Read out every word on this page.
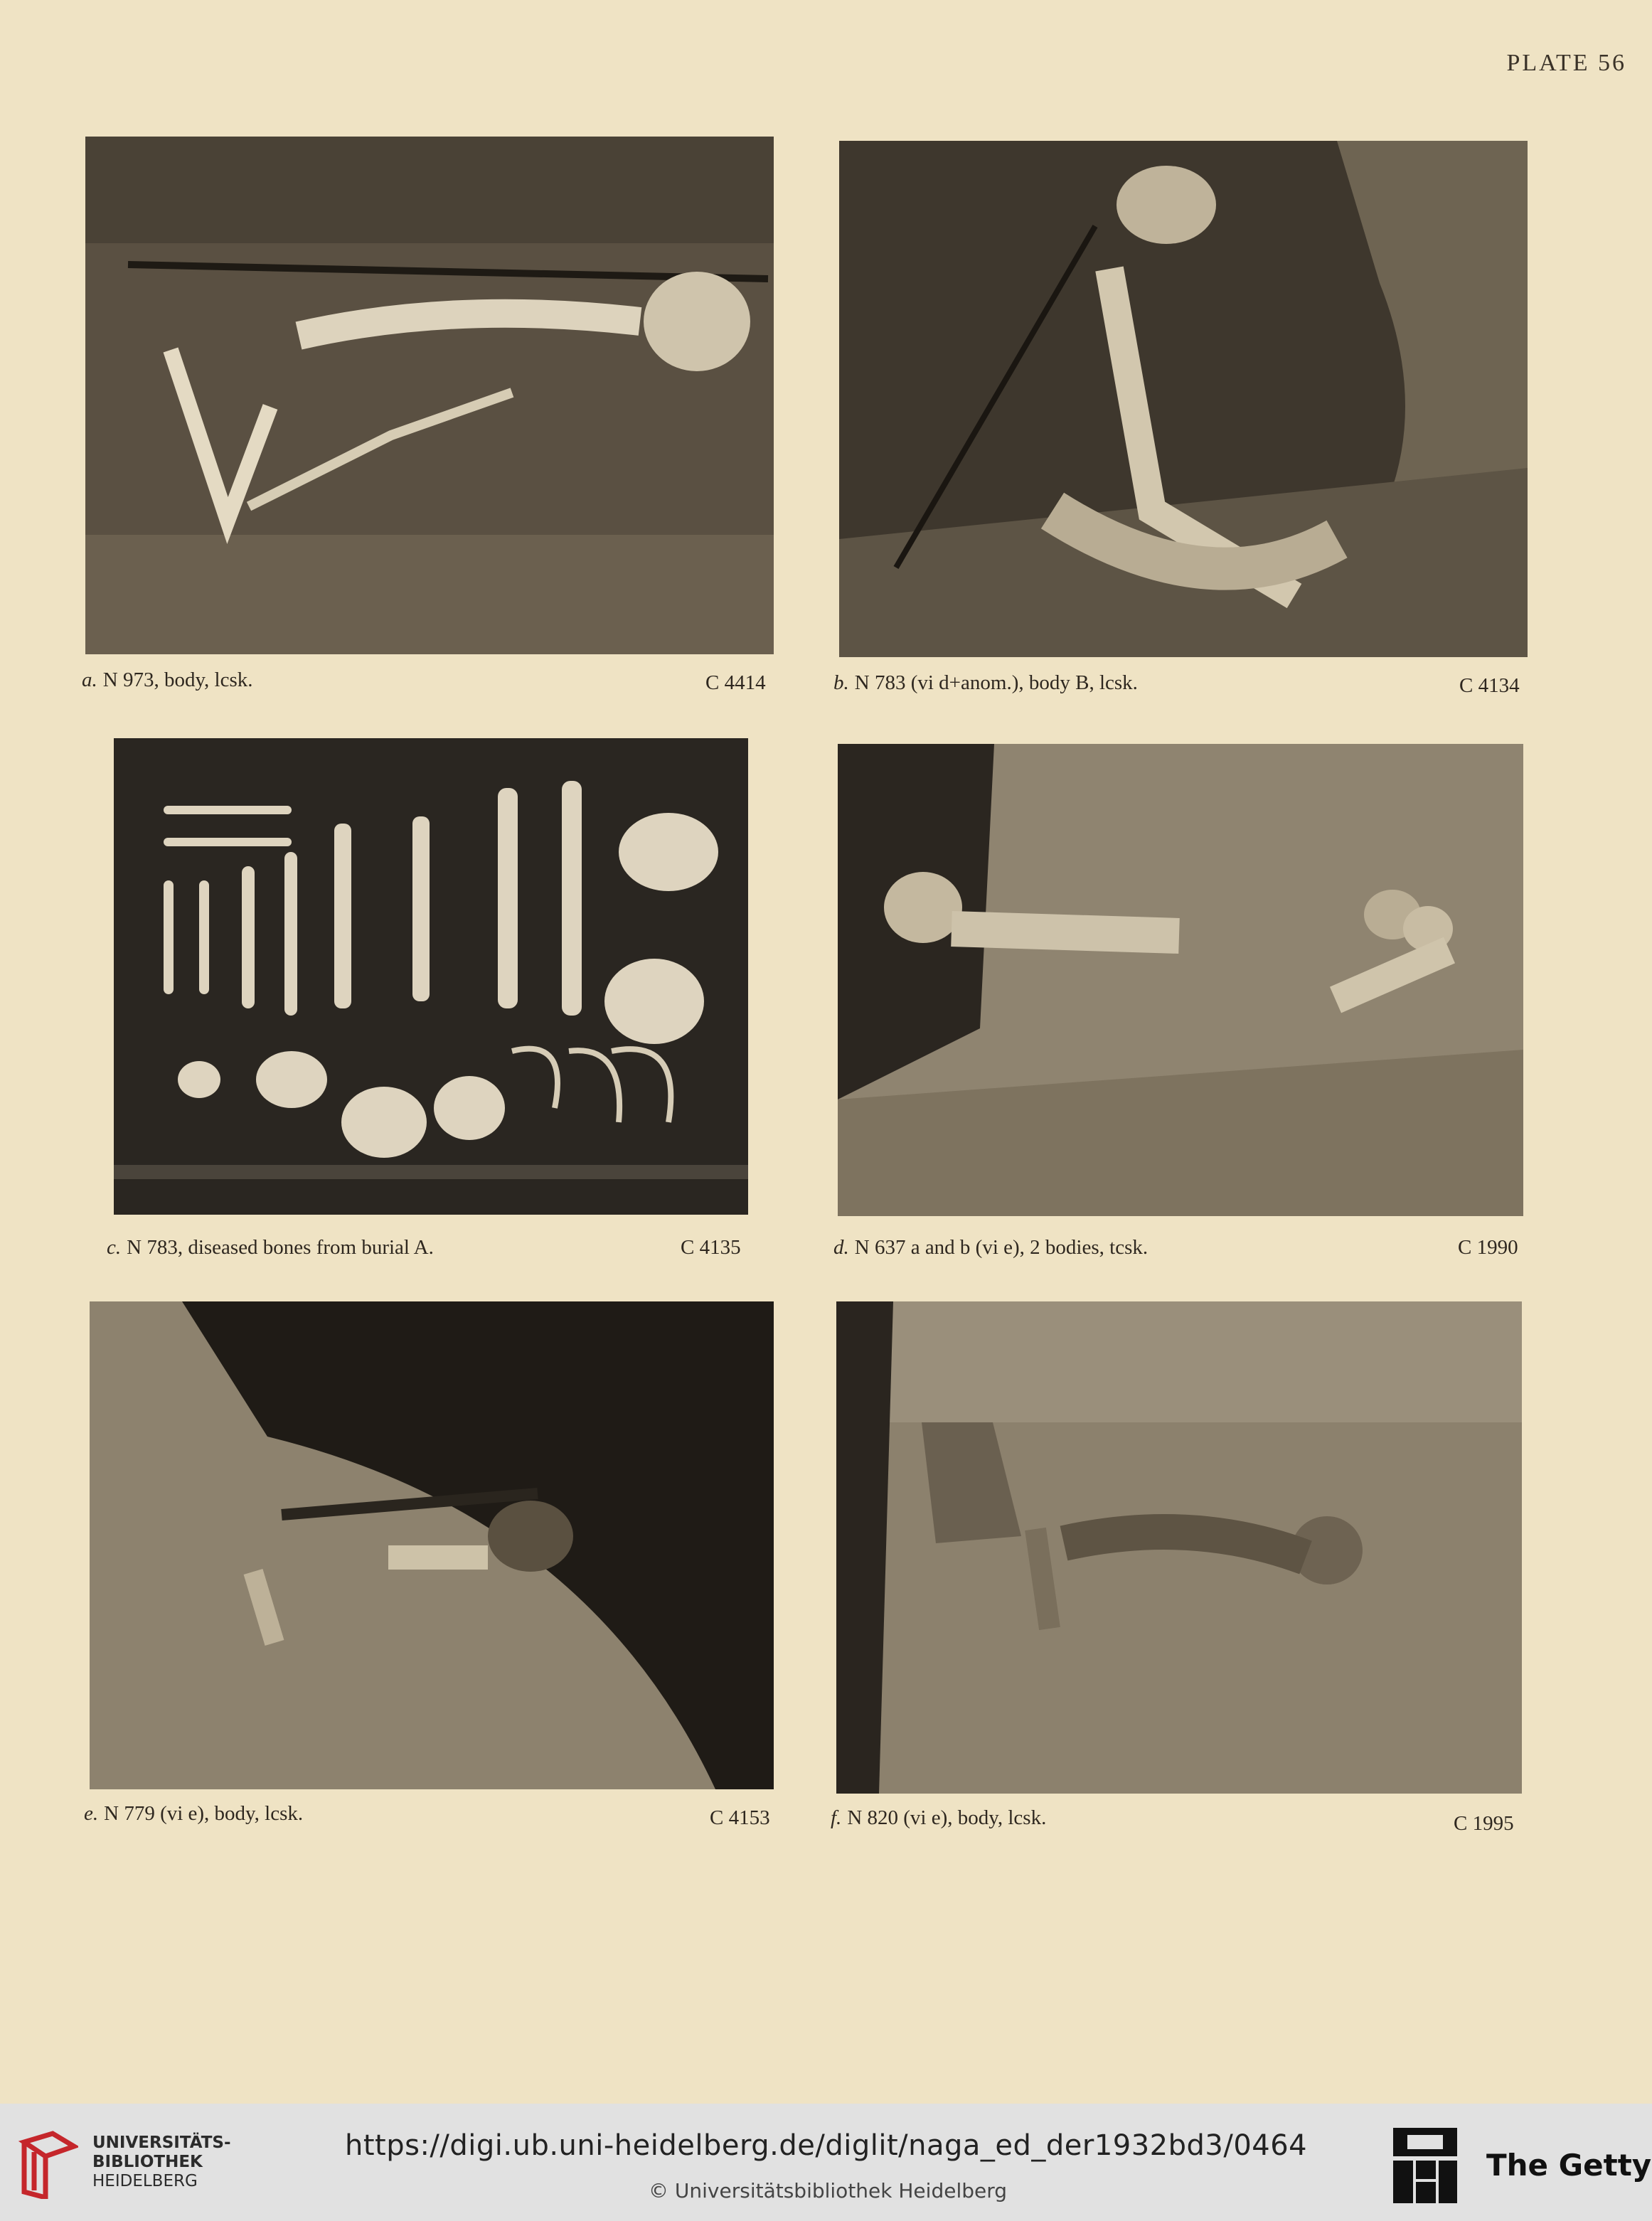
PLATE 56
a. N 973, body, lcsk.	C 4414	b. N 783 (vi d+anom.), body B, lcsk.	C 4134
c. N 783, diseased bones from burial A.	C 4135	d. N 637 a and b (vi e), 2 bodies, tcsk.	C 1990
e. N 779 (vi e), body, lcsk.	C 4153	f. N 820 (vi e), body, lcsk.	C 1995
UNIVERSITÄTS-
BIBLIOTHEK
HEIDELBERG
https://digi.ub.uni-heidelberg.de/diglit/naga_ed_der1932bd3/0464
© Universitätsbibliothek Heidelberg
The Getty
